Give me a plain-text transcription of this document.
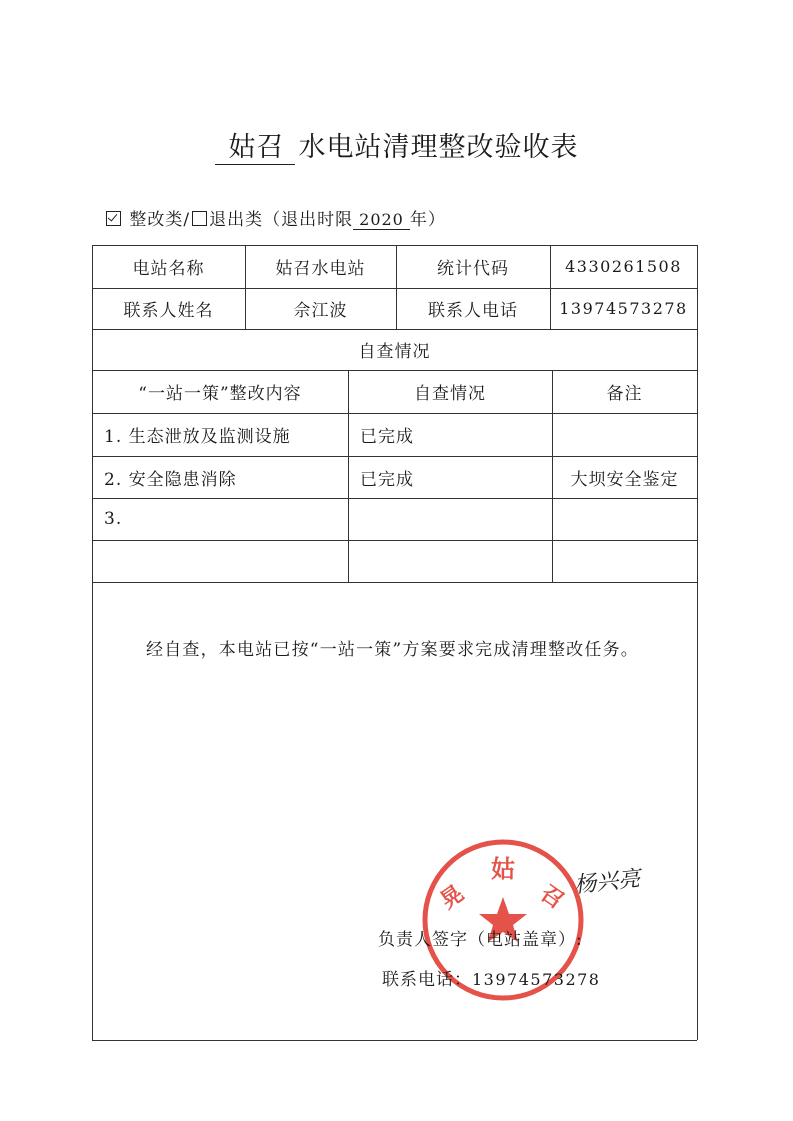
姑召 水电站清理整改验收表
整改类/ 退出类（退出时限 2020 年）
电站名称	姑召水电站	统计代码	4330261508
联系人姓名	佘江波	联系人电话	13974573278
自查情况
“一站一策”整改内容	自查情况	备注
1. 生态泄放及监测设施	已完成
2. 安全隐患消除	已完成	大坝安全鉴定
3.
经自查，本电站已按“一站一策”方案要求完成清理整改任务。
姑
晃	召 杨兴亮
负责人签字（电站盖章）:
联系电话：13974573278
